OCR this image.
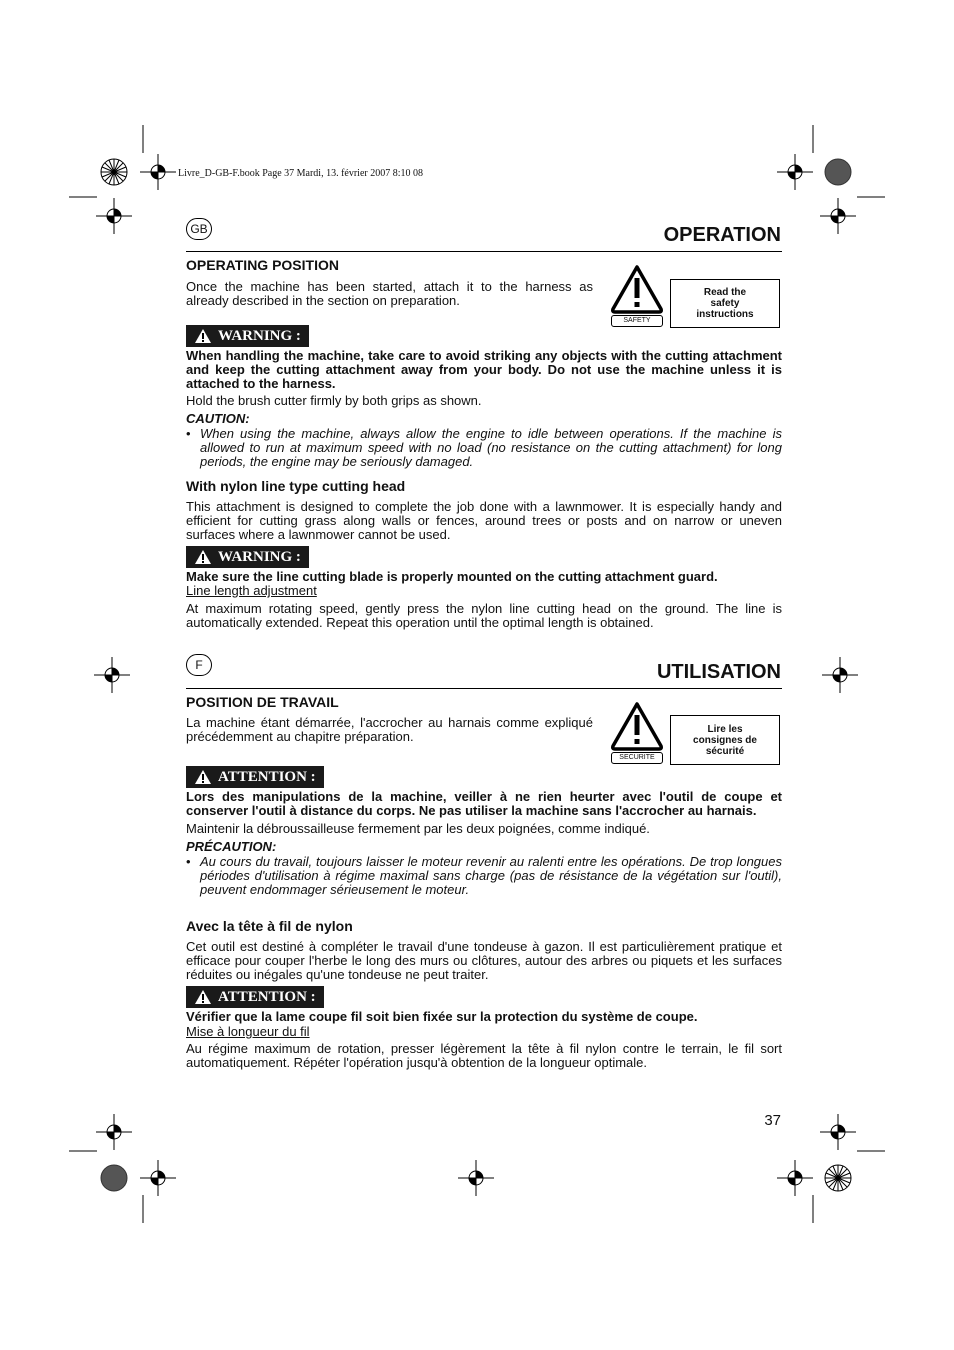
Livre_D-GB-F.book Page 37 Mardi, 13. février 2007 8:10 08
GB	OPERATION
OPERATING POSITION
Once the machine has been started, attach it to the harness as already described in the section on preparation.
SAFETY
Read the safety instructions
WARNING :
When handling the machine, take care to avoid striking any objects with the cutting attachment and keep the cutting attachment away from your body. Do not use the machine unless it is attached to the harness.
Hold the brush cutter firmly by both grips as shown.
CAUTION:
• When using the machine, always allow the engine to idle between operations. If the machine is allowed to run at maximum speed with no load (no resistance on the cutting attachment) for long periods, the engine may be seriously damaged.
With nylon line type cutting head
This attachment is designed to complete the job done with a lawnmower. It is especially handy and efficient for cutting grass along walls or fences, around trees or posts and on narrow or uneven surfaces where a lawnmower cannot be used.
WARNING :
Make sure the line cutting blade is properly mounted on the cutting attachment guard.
Line length adjustment
At maximum rotating speed, gently press the nylon line cutting head on the ground. The line is automatically extended. Repeat this operation until the optimal length is obtained.
F	UTILISATION
POSITION DE TRAVAIL
La machine étant démarrée, l'accrocher au harnais comme expliqué précédemment au chapitre préparation.
SECURITE
Lire les consignes de sécurité
ATTENTION :
Lors des manipulations de la machine, veiller à ne rien heurter avec l'outil de coupe et conserver l'outil à distance du corps. Ne pas utiliser la machine sans l'accrocher au harnais.
Maintenir la débroussailleuse fermement par les deux poignées, comme indiqué.
PRÉCAUTION:
• Au cours du travail, toujours laisser le moteur revenir au ralenti entre les opérations. De trop longues périodes d'utilisation à régime maximal sans charge (pas de résistance de la végétation sur l'outil), peuvent endommager sérieusement le moteur.
Avec la tête à fil de nylon
Cet outil est destiné à compléter le travail d'une tondeuse à gazon. Il est particulièrement pratique et efficace pour couper l'herbe le long des murs ou clôtures, autour des arbres ou piquets et les surfaces réduites ou inégales qu'une tondeuse ne peut traiter.
ATTENTION :
Vérifier que la lame coupe fil soit bien fixée sur la protection du système de coupe.
Mise à longueur du fil
Au régime maximum de rotation, presser légèrement la tête à fil nylon contre le terrain, le fil sort automatiquement. Répéter l'opération jusqu'à obtention de la longueur optimale.
37
